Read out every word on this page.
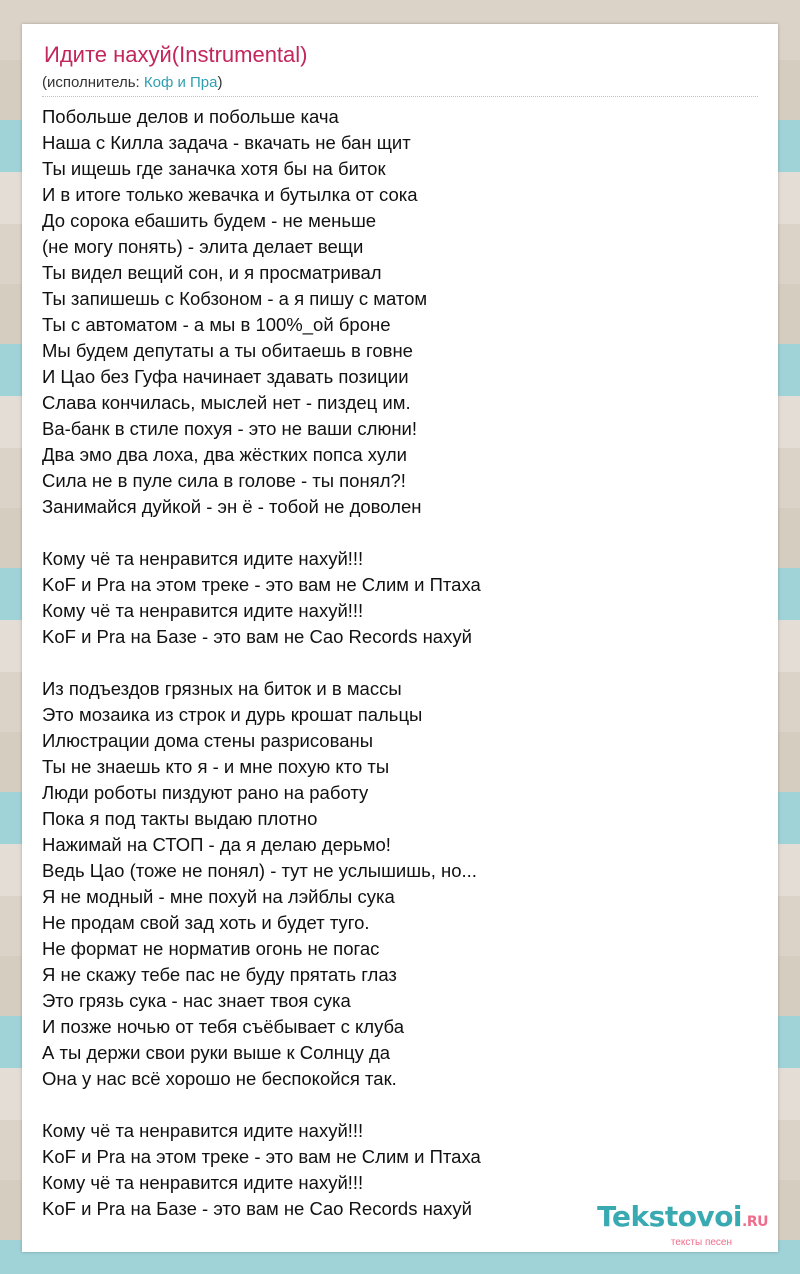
Идите нахуй(Instrumental)
(исполнитель: Коф и Пра)
Побольше делов и побольше кача
Наша с Килла задача - вкачать не бан щит
Ты ищешь где заначка хотя бы на биток
И в итоге только жевачка и бутылка от сока
До сорока ебашить будем - не меньше
(не могу понять) - элита делает вещи
Ты видел вещий сон, и я просматривал
Ты запишешь с Кобзоном - а я пишу с матом
Ты с автоматом - а мы в 100%_ой броне
Мы будем депутаты а ты обитаешь в говне
И Цао без Гуфа начинает здавать позиции
Слава кончилась, мыслей нет - пиздец им.
Ва-банк в стиле похуя - это не ваши слюни!
Два эмо два лоха, два жёстких попса хули
Сила не в пуле сила в голове - ты понял?!
Занимайся дуйкой - эн ё - тобой не доволен
Кому чё та ненравится идите нахуй!!!
KoF и Pra на этом треке - это вам не Слим и Птаха
Кому чё та ненравится идите нахуй!!!
KoF и Pra на Базе - это вам не Cao Records нахуй
Из подъездов грязных на биток и в массы
Это мозаика из строк и дурь крошат пальцы
Илюстрации дома стены разрисованы
Ты не знаешь кто я - и мне похую кто ты
Люди роботы пиздуют рано на работу
Пока я под такты выдаю плотно
Нажимай на СТОП - да я делаю дерьмо!
Ведь Цао (тоже не понял) - тут не услышишь, но...
Я не модный - мне похуй на лэйблы сука
Не продам свой зад хоть и будет туго.
Не формат не норматив огонь не погас
Я не скажу тебе пас не буду прятать глаз
Это грязь сука - нас знает твоя сука
И позже ночью от тебя съёбывает с клуба
А ты держи свои руки выше к Солнцу да
Она у нас всё хорошо не беспокойся так.
Кому чё та ненравится идите нахуй!!!
KoF и Pra на этом треке - это вам не Слим и Птаха
Кому чё та ненравится идите нахуй!!!
KoF и Pra на Базе - это вам не Cao Records нахуй	Tekstovoi.RU
тексты песен
